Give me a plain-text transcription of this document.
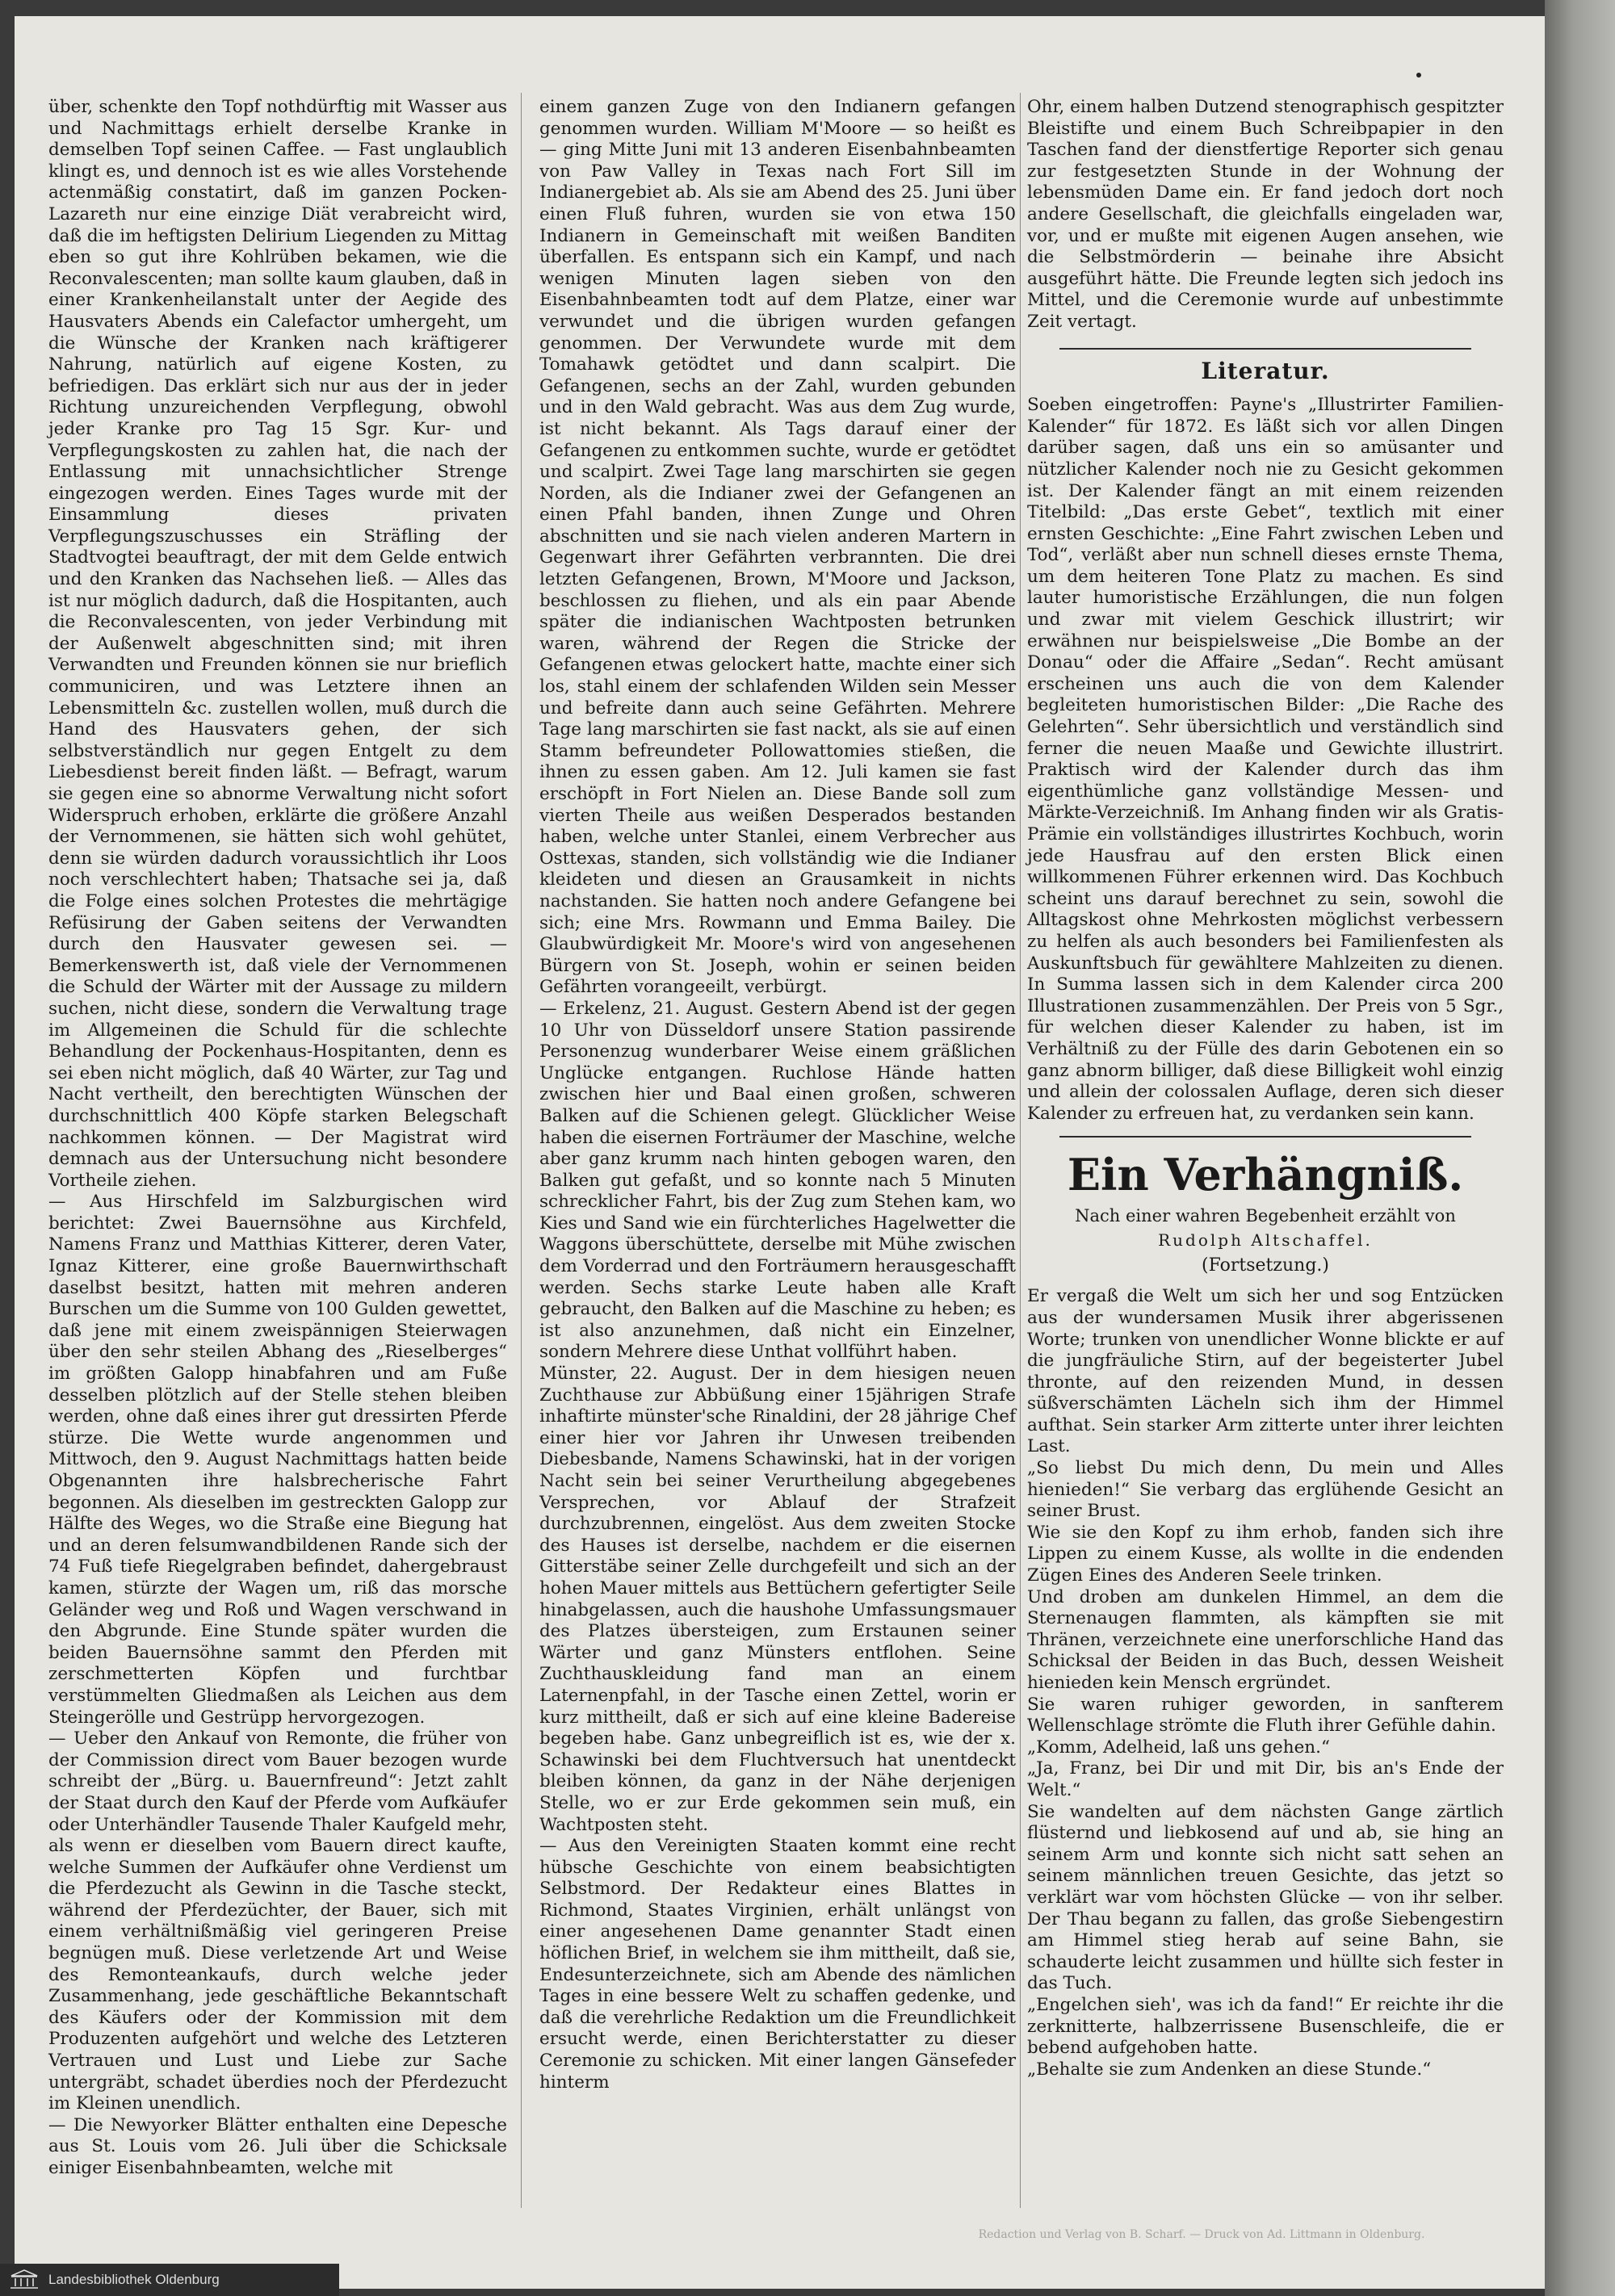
über, schenkte den Topf nothdürftig mit Wasser aus und Nachmittags erhielt derselbe Kranke in demselben Topf seinen Caffee. — Fast unglaublich klingt es, und dennoch ist es wie alles Vorstehende actenmäßig constatirt, daß im ganzen Pocken-Lazareth nur eine einzige Diät verabreicht wird, daß die im heftigsten Delirium Liegenden zu Mittag eben so gut ihre Kohlrüben bekamen, wie die Reconvalescenten; man sollte kaum glauben, daß in einer Krankenheilanstalt unter der Aegide des Hausvaters Abends ein Calefactor umhergeht, um die Wünsche der Kranken nach kräftigerer Nahrung, natürlich auf eigene Kosten, zu befriedigen. Das erklärt sich nur aus der in jeder Richtung unzureichenden Verpflegung, obwohl jeder Kranke pro Tag 15 Sgr. Kur- und Verpflegungskosten zu zahlen hat, die nach der Entlassung mit unnachsichtlicher Strenge eingezogen werden. Eines Tages wurde mit der Einsammlung dieses privaten Verpflegungszuschusses ein Sträfling der Stadtvogtei beauftragt, der mit dem Gelde entwich und den Kranken das Nachsehen ließ. — Alles das ist nur möglich dadurch, daß die Hospitanten, auch die Reconvalescenten, von jeder Verbindung mit der Außenwelt abgeschnitten sind; mit ihren Verwandten und Freunden können sie nur brieflich communiciren, und was Letztere ihnen an Lebensmitteln &c. zustellen wollen, muß durch die Hand des Hausvaters gehen, der sich selbstverständlich nur gegen Entgelt zu dem Liebesdienst bereit finden läßt. — Befragt, warum sie gegen eine so abnorme Verwaltung nicht sofort Widerspruch erhoben, erklärte die größere Anzahl der Vernommenen, sie hätten sich wohl gehütet, denn sie würden dadurch voraussichtlich ihr Loos noch verschlechtert haben; Thatsache sei ja, daß die Folge eines solchen Protestes die mehrtägige Refüsirung der Gaben seitens der Verwandten durch den Hausvater gewesen sei. — Bemerkenswerth ist, daß viele der Vernommenen die Schuld der Wärter mit der Aussage zu mildern suchen, nicht diese, sondern die Verwaltung trage im Allgemeinen die Schuld für die schlechte Behandlung der Pockenhaus-Hospitanten, denn es sei eben nicht möglich, daß 40 Wärter, zur Tag und Nacht vertheilt, den berechtigten Wünschen der durchschnittlich 400 Köpfe starken Belegschaft nachkommen können. — Der Magistrat wird demnach aus der Untersuchung nicht besondere Vortheile ziehen.

— Aus Hirschfeld im Salzburgischen wird berichtet: Zwei Bauernsöhne aus Kirchfeld, Namens Franz und Matthias Kitterer, deren Vater, Ignaz Kitterer, eine große Bauernwirthschaft daselbst besitzt, hatten mit mehren anderen Burschen um die Summe von 100 Gulden gewettet, daß jene mit einem zweispännigen Steierwagen über den sehr steilen Abhang des „Rieselberges“ im größten Galopp hinabfahren und am Fuße desselben plötzlich auf der Stelle stehen bleiben werden, ohne daß eines ihrer gut dressirten Pferde stürze. Die Wette wurde angenommen und Mittwoch, den 9. August Nachmittags hatten beide Obgenannten ihre halsbrecherische Fahrt begonnen. Als dieselben im gestreckten Galopp zur Hälfte des Weges, wo die Straße eine Biegung hat und an deren felsumwandbildenen Rande sich der 74 Fuß tiefe Riegelgraben befindet, dahergebraust kamen, stürzte der Wagen um, riß das morsche Geländer weg und Roß und Wagen verschwand in den Abgrunde. Eine Stunde später wurden die beiden Bauernsöhne sammt den Pferden mit zerschmetterten Köpfen und furchtbar verstümmelten Gliedmaßen als Leichen aus dem Steingerölle und Gestrüpp hervorgezogen.

— Ueber den Ankauf von Remonte, die früher von der Commission direct vom Bauer bezogen wurde schreibt der „Bürg. u. Bauernfreund“: Jetzt zahlt der Staat durch den Kauf der Pferde vom Aufkäufer oder Unterhändler Tausende Thaler Kaufgeld mehr, als wenn er dieselben vom Bauern direct kaufte, welche Summen der Aufkäufer ohne Verdienst um die Pferdezucht als Gewinn in die Tasche steckt, während der Pferdezüchter, der Bauer, sich mit einem verhältnißmäßig viel geringeren Preise begnügen muß. Diese verletzende Art und Weise des Remonteankaufs, durch welche jeder Zusammenhang, jede geschäftliche Bekanntschaft des Käufers oder der Kommission mit dem Produzenten aufgehört und welche des Letzteren Vertrauen und Lust und Liebe zur Sache untergräbt, schadet überdies noch der Pferdezucht im Kleinen unendlich.

— Die Newyorker Blätter enthalten eine Depesche aus St. Louis vom 26. Juli über die Schicksale einiger Eisenbahnbeamten, welche mit

einem ganzen Zuge von den Indianern gefangen genommen wurden. William M'Moore — so heißt es — ging Mitte Juni mit 13 anderen Eisenbahnbeamten von Paw Valley in Texas nach Fort Sill im Indianergebiet ab. Als sie am Abend des 25. Juni über einen Fluß fuhren, wurden sie von etwa 150 Indianern in Gemeinschaft mit weißen Banditen überfallen. Es entspann sich ein Kampf, und nach wenigen Minuten lagen sieben von den Eisenbahnbeamten todt auf dem Platze, einer war verwundet und die übrigen wurden gefangen genommen. Der Verwundete wurde mit dem Tomahawk getödtet und dann scalpirt. Die Gefangenen, sechs an der Zahl, wurden gebunden und in den Wald gebracht. Was aus dem Zug wurde, ist nicht bekannt. Als Tags darauf einer der Gefangenen zu entkommen suchte, wurde er getödtet und scalpirt. Zwei Tage lang marschirten sie gegen Norden, als die Indianer zwei der Gefangenen an einen Pfahl banden, ihnen Zunge und Ohren abschnitten und sie nach vielen anderen Martern in Gegenwart ihrer Gefährten verbrannten. Die drei letzten Gefangenen, Brown, M'Moore und Jackson, beschlossen zu fliehen, und als ein paar Abende später die indianischen Wachtposten betrunken waren, während der Regen die Stricke der Gefangenen etwas gelockert hatte, machte einer sich los, stahl einem der schlafenden Wilden sein Messer und befreite dann auch seine Gefährten. Mehrere Tage lang marschirten sie fast nackt, als sie auf einen Stamm befreundeter Pollowattomies stießen, die ihnen zu essen gaben. Am 12. Juli kamen sie fast erschöpft in Fort Nielen an. Diese Bande soll zum vierten Theile aus weißen Desperados bestanden haben, welche unter Stanlei, einem Verbrecher aus Osttexas, standen, sich vollständig wie die Indianer kleideten und diesen an Grausamkeit in nichts nachstanden. Sie hatten noch andere Gefangene bei sich; eine Mrs. Rowmann und Emma Bailey. Die Glaubwürdigkeit Mr. Moore's wird von angesehenen Bürgern von St. Joseph, wohin er seinen beiden Gefährten vorangeeilt, verbürgt.

— Erkelenz, 21. August. Gestern Abend ist der gegen 10 Uhr von Düsseldorf unsere Station passirende Personenzug wunderbarer Weise einem gräßlichen Unglücke entgangen. Ruchlose Hände hatten zwischen hier und Baal einen großen, schweren Balken auf die Schienen gelegt. Glücklicher Weise haben die eisernen Forträumer der Maschine, welche aber ganz krumm nach hinten gebogen waren, den Balken gut gefaßt, und so konnte nach 5 Minuten schrecklicher Fahrt, bis der Zug zum Stehen kam, wo Kies und Sand wie ein fürchterliches Hagelwetter die Waggons überschüttete, derselbe mit Mühe zwischen dem Vorderrad und den Forträumern herausgeschafft werden. Sechs starke Leute haben alle Kraft gebraucht, den Balken auf die Maschine zu heben; es ist also anzunehmen, daß nicht ein Einzelner, sondern Mehrere diese Unthat vollführt haben.

Münster, 22. August. Der in dem hiesigen neuen Zuchthause zur Abbüßung einer 15jährigen Strafe inhaftirte münster'sche Rinaldini, der 28 jährige Chef einer hier vor Jahren ihr Unwesen treibenden Diebesbande, Namens Schawinski, hat in der vorigen Nacht sein bei seiner Verurtheilung abgegebenes Versprechen, vor Ablauf der Strafzeit durchzubrennen, eingelöst. Aus dem zweiten Stocke des Hauses ist derselbe, nachdem er die eisernen Gitterstäbe seiner Zelle durchgefeilt und sich an der hohen Mauer mittels aus Bettüchern gefertigter Seile hinabgelassen, auch die haushohe Umfassungsmauer des Platzes übersteigen, zum Erstaunen seiner Wärter und ganz Münsters entflohen. Seine Zuchthauskleidung fand man an einem Laternenpfahl, in der Tasche einen Zettel, worin er kurz mittheilt, daß er sich auf eine kleine Badereise begeben habe. Ganz unbegreiflich ist es, wie der x. Schawinski bei dem Fluchtversuch hat unentdeckt bleiben können, da ganz in der Nähe derjenigen Stelle, wo er zur Erde gekommen sein muß, ein Wachtposten steht.

— Aus den Vereinigten Staaten kommt eine recht hübsche Geschichte von einem beabsichtigten Selbstmord. Der Redakteur eines Blattes in Richmond, Staates Virginien, erhält unlängst von einer angesehenen Dame genannter Stadt einen höflichen Brief, in welchem sie ihm mittheilt, daß sie, Endesunterzeichnete, sich am Abende des nämlichen Tages in eine bessere Welt zu schaffen gedenke, und daß die verehrliche Redaktion um die Freundlichkeit ersucht werde, einen Berichterstatter zu dieser Ceremonie zu schicken. Mit einer langen Gänsefeder hinterm

Ohr, einem halben Dutzend stenographisch gespitzter Bleistifte und einem Buch Schreibpapier in den Taschen fand der dienstfertige Reporter sich genau zur festgesetzten Stunde in der Wohnung der lebensmüden Dame ein. Er fand jedoch dort noch andere Gesellschaft, die gleichfalls eingeladen war, vor, und er mußte mit eigenen Augen ansehen, wie die Selbstmörderin — beinahe ihre Absicht ausgeführt hätte. Die Freunde legten sich jedoch ins Mittel, und die Ceremonie wurde auf unbestimmte Zeit vertagt.

Literatur.

Soeben eingetroffen: Payne's „Illustrirter Familien-Kalender“ für 1872. Es läßt sich vor allen Dingen darüber sagen, daß uns ein so amüsanter und nützlicher Kalender noch nie zu Gesicht gekommen ist. Der Kalender fängt an mit einem reizenden Titelbild: „Das erste Gebet“, textlich mit einer ernsten Geschichte: „Eine Fahrt zwischen Leben und Tod“, verläßt aber nun schnell dieses ernste Thema, um dem heiteren Tone Platz zu machen. Es sind lauter humoristische Erzählungen, die nun folgen und zwar mit vielem Geschick illustrirt; wir erwähnen nur beispielsweise „Die Bombe an der Donau“ oder die Affaire „Sedan“. Recht amüsant erscheinen uns auch die von dem Kalender begleiteten humoristischen Bilder: „Die Rache des Gelehrten“. Sehr übersichtlich und verständlich sind ferner die neuen Maaße und Gewichte illustrirt. Praktisch wird der Kalender durch das ihm eigenthümliche ganz vollständige Messen- und Märkte-Verzeichniß. Im Anhang finden wir als Gratis-Prämie ein vollständiges illustrirtes Kochbuch, worin jede Hausfrau auf den ersten Blick einen willkommenen Führer erkennen wird. Das Kochbuch scheint uns darauf berechnet zu sein, sowohl die Alltagskost ohne Mehrkosten möglichst verbessern zu helfen als auch besonders bei Familienfesten als Auskunftsbuch für gewähltere Mahlzeiten zu dienen. In Summa lassen sich in dem Kalender circa 200 Illustrationen zusammenzählen. Der Preis von 5 Sgr., für welchen dieser Kalender zu haben, ist im Verhältniß zu der Fülle des darin Gebotenen ein so ganz abnorm billiger, daß diese Billigkeit wohl einzig und allein der colossalen Auflage, deren sich dieser Kalender zu erfreuen hat, zu verdanken sein kann.

Ein Verhängniß.
Nach einer wahren Begebenheit erzählt von
Rudolph Altschaffel.
(Fortsetzung.)

Er vergaß die Welt um sich her und sog Entzücken aus der wundersamen Musik ihrer abgerissenen Worte; trunken von unendlicher Wonne blickte er auf die jungfräuliche Stirn, auf der begeisterter Jubel thronte, auf den reizenden Mund, in dessen süßverschämten Lächeln sich ihm der Himmel aufthat. Sein starker Arm zitterte unter ihrer leichten Last.

„So liebst Du mich denn, Du mein und Alles hienieden!“ Sie verbarg das erglühende Gesicht an seiner Brust.

Wie sie den Kopf zu ihm erhob, fanden sich ihre Lippen zu einem Kusse, als wollte in die endenden Zügen Eines des Anderen Seele trinken.

Und droben am dunkelen Himmel, an dem die Sternenaugen flammten, als kämpften sie mit Thränen, verzeichnete eine unerforschliche Hand das Schicksal der Beiden in das Buch, dessen Weisheit hienieden kein Mensch ergründet.

Sie waren ruhiger geworden, in sanfterem Wellenschlage strömte die Fluth ihrer Gefühle dahin.

„Komm, Adelheid, laß uns gehen.“

„Ja, Franz, bei Dir und mit Dir, bis an's Ende der Welt.“

Sie wandelten auf dem nächsten Gange zärtlich flüsternd und liebkosend auf und ab, sie hing an seinem Arm und konnte sich nicht satt sehen an seinem männlichen treuen Gesichte, das jetzt so verklärt war vom höchsten Glücke — von ihr selber. Der Thau begann zu fallen, das große Siebengestirn am Himmel stieg herab auf seine Bahn, sie schauderte leicht zusammen und hüllte sich fester in das Tuch.

„Engelchen sieh', was ich da fand!“ Er reichte ihr die zerknitterte, halbzerrissene Busenschleife, die er bebend aufgehoben hatte.

„Behalte sie zum Andenken an diese Stunde.“

Redaction und Verlag von B. Scharf. — Druck von Ad. Littmann in Oldenburg.
Landesbibliothek Oldenburg
